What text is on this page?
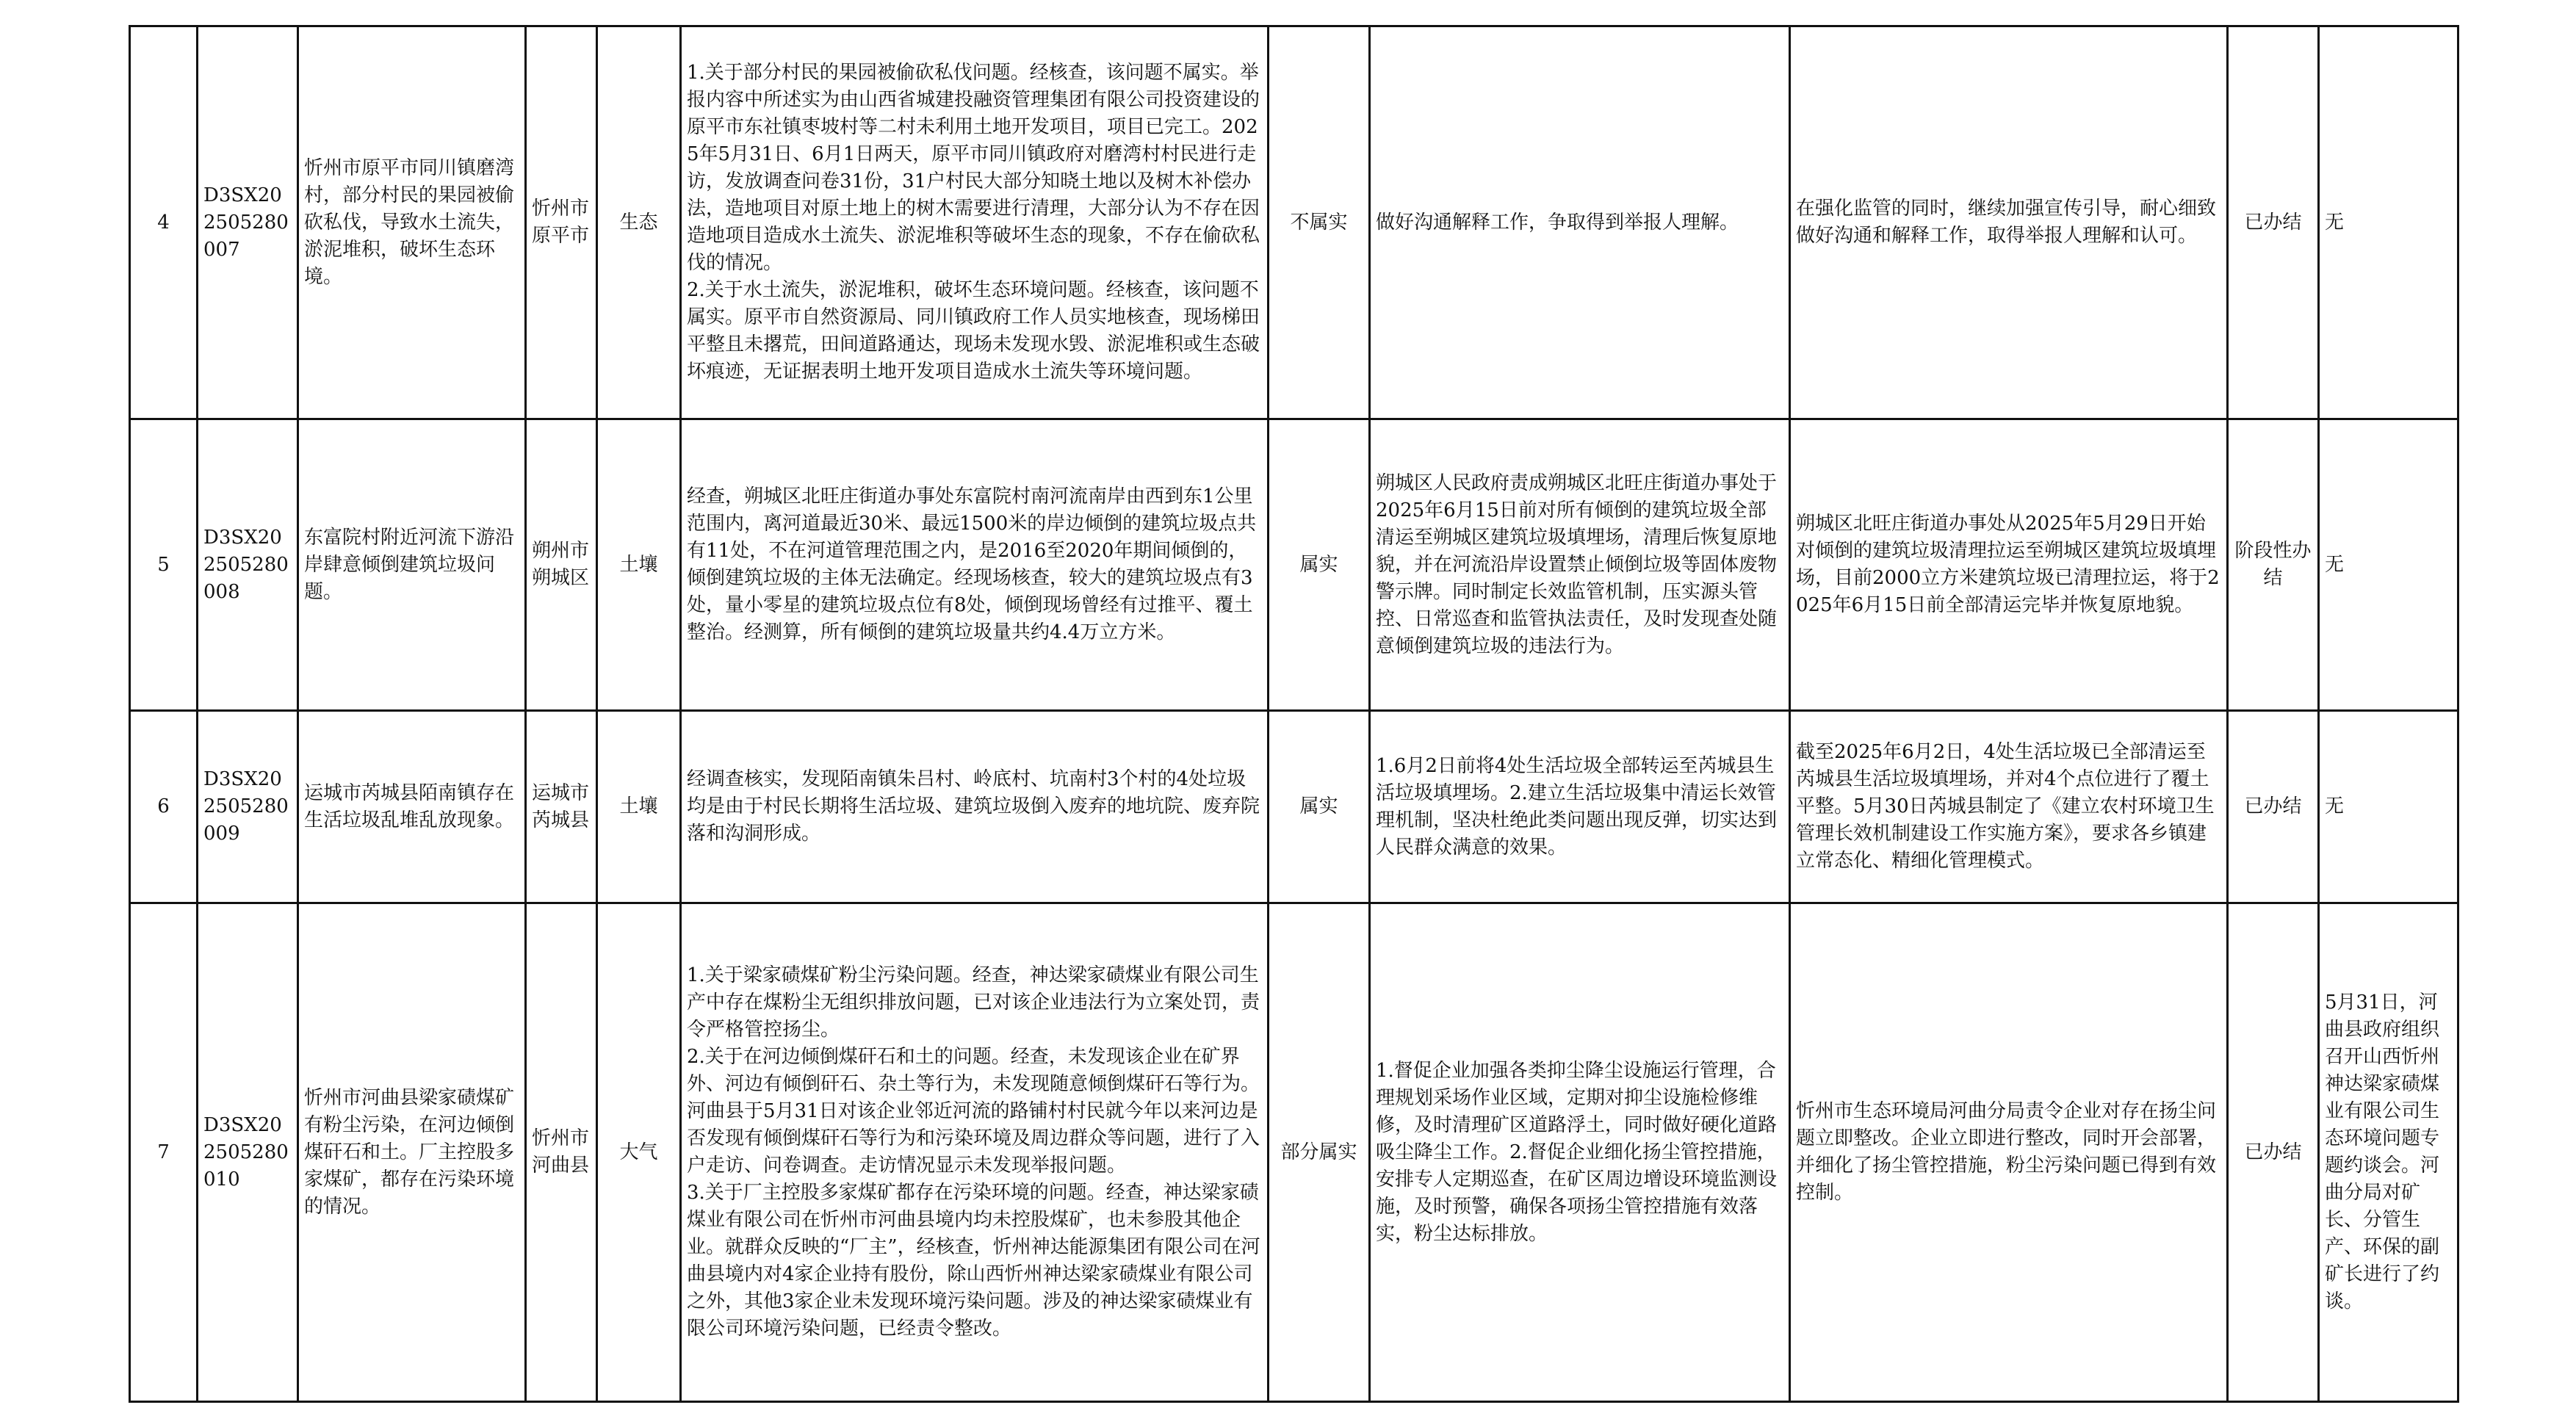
4	D3SX202505280007	忻州市原平市同川镇磨湾村，部分村民的果园被偷砍私伐，导致水土流失，淤泥堆积，破坏生态环境。	忻州市原平市	生态	1.关于部分村民的果园被偷砍私伐问题。经核查，该问题不属实。举报内容中所述实为由山西省城建投融资管理集团有限公司投资建设的原平市东社镇枣坡村等二村未利用土地开发项目，项目已完工。2025年5月31日、6月1日两天，原平市同川镇政府对磨湾村村民进行走访，发放调查问卷31份，31户村民大部分知晓土地以及树木补偿办法，造地项目对原土地上的树木需要进行清理，大部分认为不存在因造地项目造成水土流失、淤泥堆积等破坏生态的现象，不存在偷砍私伐的情况。
2.关于水土流失，淤泥堆积，破坏生态环境问题。经核查，该问题不属实。原平市自然资源局、同川镇政府工作人员实地核查，现场梯田平整且未撂荒，田间道路通达，现场未发现水毁、淤泥堆积或生态破坏痕迹，无证据表明土地开发项目造成水土流失等环境问题。	不属实	做好沟通解释工作，争取得到举报人理解。	在强化监管的同时，继续加强宣传引导，耐心细致做好沟通和解释工作，取得举报人理解和认可。	已办结	无
5	D3SX202505280008	东富院村附近河流下游沿岸肆意倾倒建筑垃圾问题。	朔州市朔城区	土壤	经查，朔城区北旺庄街道办事处东富院村南河流南岸由西到东1公里范围内，离河道最近30米、最远1500米的岸边倾倒的建筑垃圾点共有11处，不在河道管理范围之内，是2016至2020年期间倾倒的，倾倒建筑垃圾的主体无法确定。经现场核查，较大的建筑垃圾点有3处，量小零星的建筑垃圾点位有8处，倾倒现场曾经有过推平、覆土整治。经测算，所有倾倒的建筑垃圾量共约4.4万立方米。	属实	朔城区人民政府责成朔城区北旺庄街道办事处于2025年6月15日前对所有倾倒的建筑垃圾全部清运至朔城区建筑垃圾填埋场，清理后恢复原地貌，并在河流沿岸设置禁止倾倒垃圾等固体废物警示牌。同时制定长效监管机制，压实源头管控、日常巡查和监管执法责任，及时发现查处随意倾倒建筑垃圾的违法行为。	朔城区北旺庄街道办事处从2025年5月29日开始对倾倒的建筑垃圾清理拉运至朔城区建筑垃圾填埋场，目前2000立方米建筑垃圾已清理拉运，将于2025年6月15日前全部清运完毕并恢复原地貌。	阶段性办结	无
6	D3SX202505280009	运城市芮城县陌南镇存在生活垃圾乱堆乱放现象。	运城市芮城县	土壤	经调查核实，发现陌南镇朱吕村、岭底村、坑南村3个村的4处垃圾均是由于村民长期将生活垃圾、建筑垃圾倒入废弃的地坑院、废弃院落和沟洞形成。	属实	1.6月2日前将4处生活垃圾全部转运至芮城县生活垃圾填埋场。2.建立生活垃圾集中清运长效管理机制，坚决杜绝此类问题出现反弹，切实达到人民群众满意的效果。	截至2025年6月2日，4处生活垃圾已全部清运至芮城县生活垃圾填埋场，并对4个点位进行了覆土平整。5月30日芮城县制定了《建立农村环境卫生管理长效机制建设工作实施方案》，要求各乡镇建立常态化、精细化管理模式。	已办结	无
7	D3SX202505280010	忻州市河曲县梁家碛煤矿有粉尘污染，在河边倾倒煤矸石和土。厂主控股多家煤矿，都存在污染环境的情况。	忻州市河曲县	大气	1.关于梁家碛煤矿粉尘污染问题。经查，神达梁家碛煤业有限公司生产中存在煤粉尘无组织排放问题，已对该企业违法行为立案处罚，责令严格管控扬尘。
2.关于在河边倾倒煤矸石和土的问题。经查，未发现该企业在矿界外、河边有倾倒矸石、杂土等行为，未发现随意倾倒煤矸石等行为。河曲县于5月31日对该企业邻近河流的路铺村村民就今年以来河边是否发现有倾倒煤矸石等行为和污染环境及周边群众等问题，进行了入户走访、问卷调查。走访情况显示未发现举报问题。
3.关于厂主控股多家煤矿都存在污染环境的问题。经查，神达梁家碛煤业有限公司在忻州市河曲县境内均未控股煤矿，也未参股其他企业。就群众反映的“厂主”，经核查，忻州神达能源集团有限公司在河曲县境内对4家企业持有股份，除山西忻州神达梁家碛煤业有限公司之外，其他3家企业未发现环境污染问题。涉及的神达梁家碛煤业有限公司环境污染问题，已经责令整改。	部分属实	1.督促企业加强各类抑尘降尘设施运行管理，合理规划采场作业区域，定期对抑尘设施检修维修，及时清理矿区道路浮土，同时做好硬化道路吸尘降尘工作。2.督促企业细化扬尘管控措施，安排专人定期巡查，在矿区周边增设环境监测设施，及时预警，确保各项扬尘管控措施有效落实，粉尘达标排放。	忻州市生态环境局河曲分局责令企业对存在扬尘问题立即整改。企业立即进行整改，同时开会部署，并细化了扬尘管控措施，粉尘污染问题已得到有效控制。	已办结	5月31日，河曲县政府组织召开山西忻州神达梁家碛煤业有限公司生态环境问题专题约谈会。河曲分局对矿长、分管生产、环保的副矿长进行了约谈。
